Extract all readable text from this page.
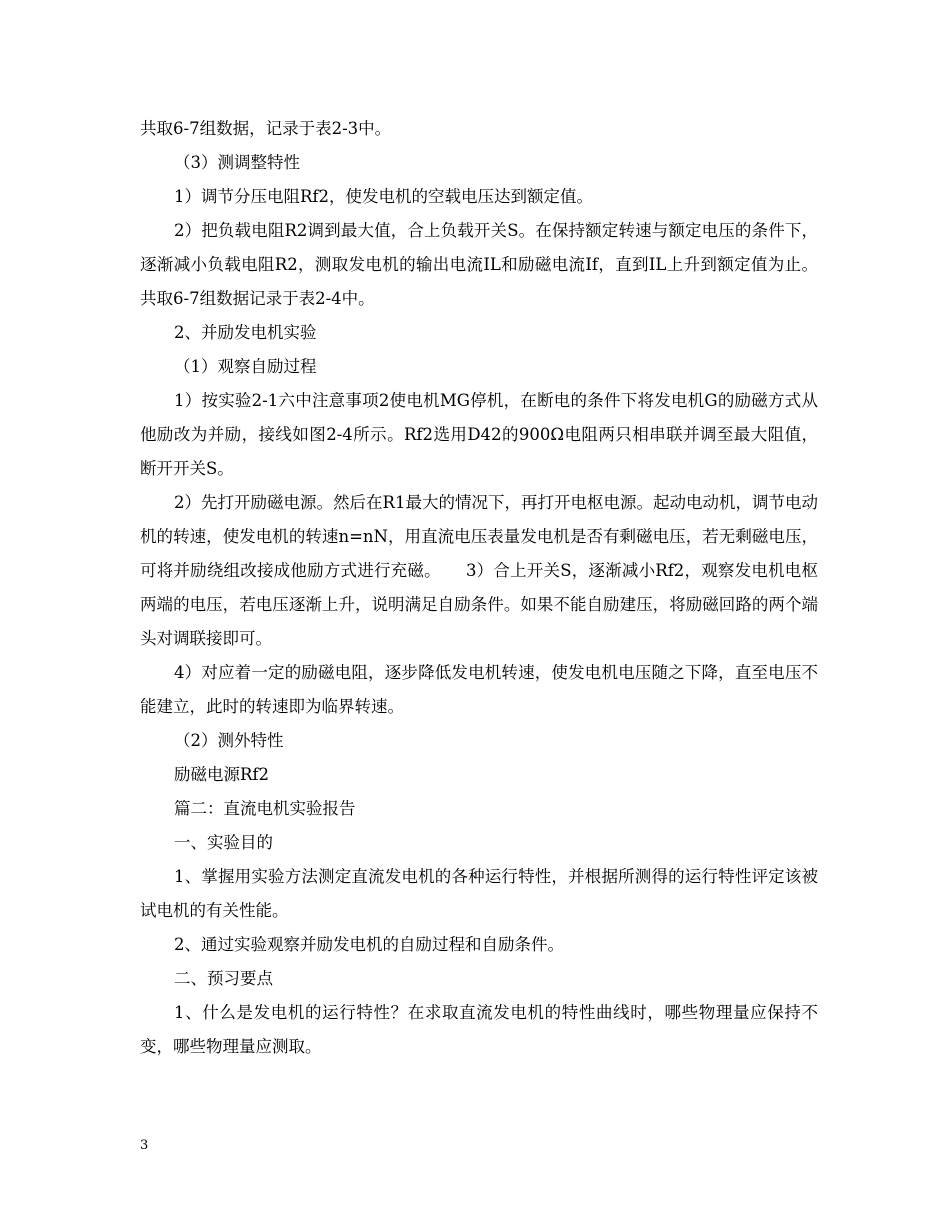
共取6-7组数据，记录于表2-3中。

（3）测调整特性

1）调节分压电阻Rf2，使发电机的空载电压达到额定值。

2）把负载电阻R2调到最大值，合上负载开关S。在保持额定转速与额定电压的条件下，逐渐减小负载电阻R2，测取发电机的输出电流IL和励磁电流If，直到IL上升到额定值为止。共取6-7组数据记录于表2-4中。

2、并励发电机实验

（1）观察自励过程

1）按实验2-1六中注意事项2使电机MG停机，在断电的条件下将发电机G的励磁方式从他励改为并励，接线如图2-4所示。Rf2选用D42的900Ω电阻两只相串联并调至最大阻值，断开开关S。

2）先打开励磁电源。然后在R1最大的情况下，再打开电枢电源。起动电动机，调节电动机的转速，使发电机的转速n=nN，用直流电压表量发电机是否有剩磁电压，若无剩磁电压，可将并励绕组改接成他励方式进行充磁。　　3）合上开关S，逐渐减小Rf2，观察发电机电枢两端的电压，若电压逐渐上升，说明满足自励条件。如果不能自励建压，将励磁回路的两个端头对调联接即可。

4）对应着一定的励磁电阻，逐步降低发电机转速，使发电机电压随之下降，直至电压不能建立，此时的转速即为临界转速。

（2）测外特性

励磁电源Rf2

篇二：直流电机实验报告

一、实验目的

1、掌握用实验方法测定直流发电机的各种运行特性，并根据所测得的运行特性评定该被试电机的有关性能。

2、通过实验观察并励发电机的自励过程和自励条件。

二、预习要点

1、什么是发电机的运行特性？在求取直流发电机的特性曲线时，哪些物理量应保持不变，哪些物理量应测取。

3
